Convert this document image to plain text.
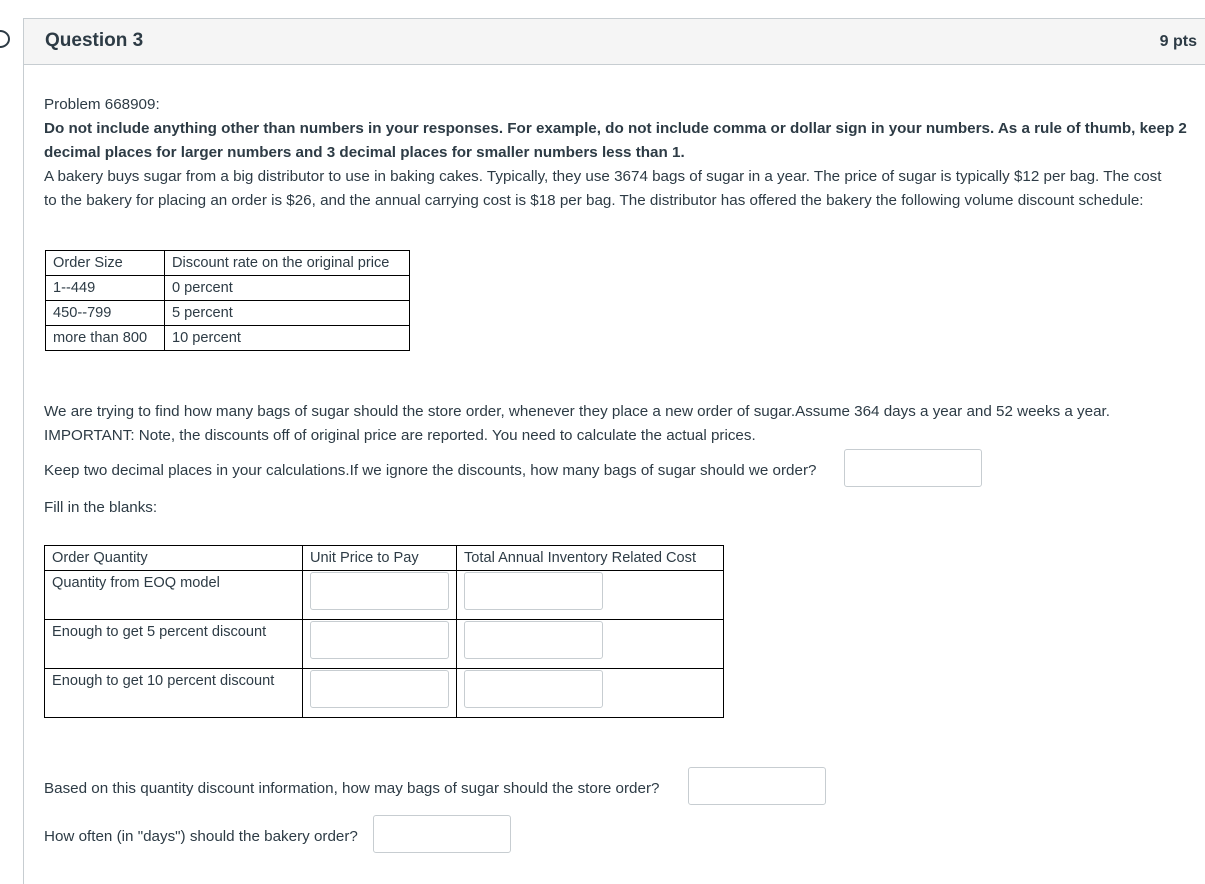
Question 3	9 pts
Problem 668909:
Do not include anything other than numbers in your responses. For example, do not include comma or dollar sign in your numbers. As a rule of thumb, keep 2
decimal places for larger numbers and 3 decimal places for smaller numbers less than 1.
A bakery buys sugar from a big distributor to use in baking cakes. Typically, they use 3674 bags of sugar in a year. The price of sugar is typically $12 per bag. The cost
to the bakery for placing an order is $26, and the annual carrying cost is $18 per bag. The distributor has offered the bakery the following volume discount schedule:
Order Size	Discount rate on the original price
1--449	0 percent
450--799	5 percent
more than 800	10 percent
We are trying to find how many bags of sugar should the store order, whenever they place a new order of sugar.Assume 364 days a year and 52 weeks a year.
IMPORTANT: Note, the discounts off of original price are reported. You need to calculate the actual prices.
Keep two decimal places in your calculations.If we ignore the discounts, how many bags of sugar should we order?
Fill in the blanks:
Order Quantity	Unit Price to Pay	Total Annual Inventory Related Cost
Quantity from EOQ model	

Enough to get 5 percent discount	

Enough to get 10 percent discount	

Based on this quantity discount information, how may bags of sugar should the store order?
How often (in "days") should the bakery order?
